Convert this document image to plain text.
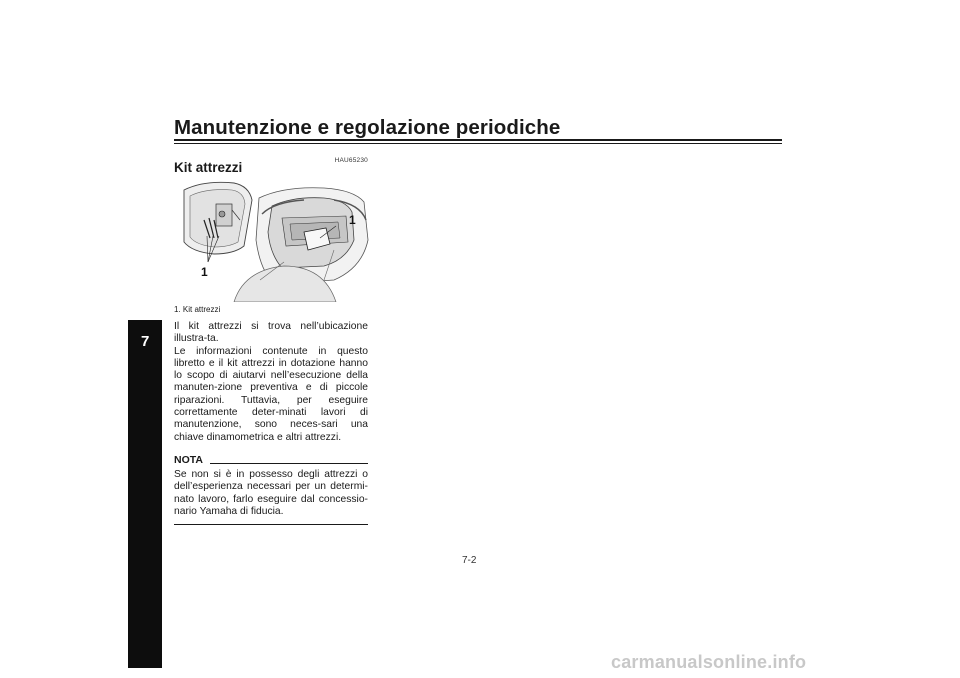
Manutenzione e regolazione periodiche
7
HAU65230
Kit attrezzi
1
1
1. Kit attrezzi
Il kit attrezzi si trova nell’ubicazione illustra-ta.
Le informazioni contenute in questo libretto e il kit attrezzi in dotazione hanno lo scopo di aiutarvi nell’esecuzione della manuten-zione preventiva e di piccole riparazioni. Tuttavia, per eseguire correttamente deter-minati lavori di manutenzione, sono neces-sari una chiave dinamometrica e altri attrezzi.
NOTA
Se non si è in possesso degli attrezzi o dell’esperienza necessari per un determi-nato lavoro, farlo eseguire dal concessio-nario Yamaha di fiducia.
7-2
carmanualsonline.info
